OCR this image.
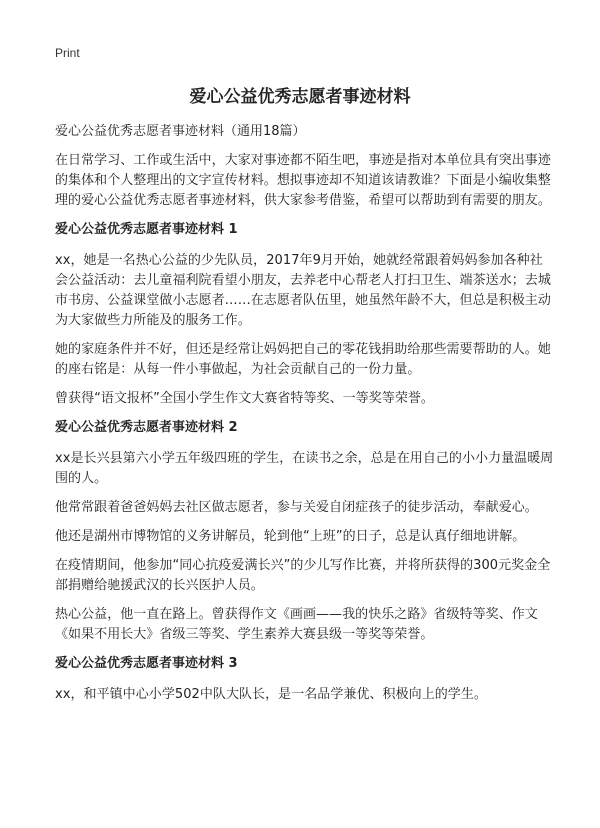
Print
爱心公益优秀志愿者事迹材料

爱心公益优秀志愿者事迹材料（通用18篇）

在日常学习、工作或生活中，大家对事迹都不陌生吧，事迹是指对本单位具有突出事迹的集体和个人整理出的文字宣传材料。想拟事迹却不知道该请教谁？下面是小编收集整理的爱心公益优秀志愿者事迹材料，供大家参考借鉴，希望可以帮助到有需要的朋友。

爱心公益优秀志愿者事迹材料 1

xx，她是一名热心公益的少先队员，2017年9月开始，她就经常跟着妈妈参加各种社会公益活动：去儿童福利院看望小朋友，去养老中心帮老人打扫卫生、端茶送水；去城市书房、公益课堂做小志愿者……在志愿者队伍里，她虽然年龄不大，但总是积极主动为大家做些力所能及的服务工作。

她的家庭条件并不好，但还是经常让妈妈把自己的零花钱捐助给那些需要帮助的人。她的座右铭是：从每一件小事做起，为社会贡献自己的一份力量。

曾获得“语文报杯”全国小学生作文大赛省特等奖、一等奖等荣誉。

爱心公益优秀志愿者事迹材料 2

xx是长兴县第六小学五年级四班的学生，在读书之余，总是在用自己的小小力量温暖周围的人。

他常常跟着爸爸妈妈去社区做志愿者，参与关爱自闭症孩子的徒步活动，奉献爱心。

他还是湖州市博物馆的义务讲解员，轮到他“上班”的日子，总是认真仔细地讲解。

在疫情期间，他参加“同心抗疫爱满长兴”的少儿写作比赛，并将所获得的300元奖金全部捐赠给驰援武汉的长兴医护人员。

热心公益，他一直在路上。曾获得作文《画画——我的快乐之路》省级特等奖、作文《如果不用长大》省级三等奖、学生素养大赛县级一等奖等荣誉。

爱心公益优秀志愿者事迹材料 3

xx，和平镇中心小学502中队大队长，是一名品学兼优、积极向上的学生。
